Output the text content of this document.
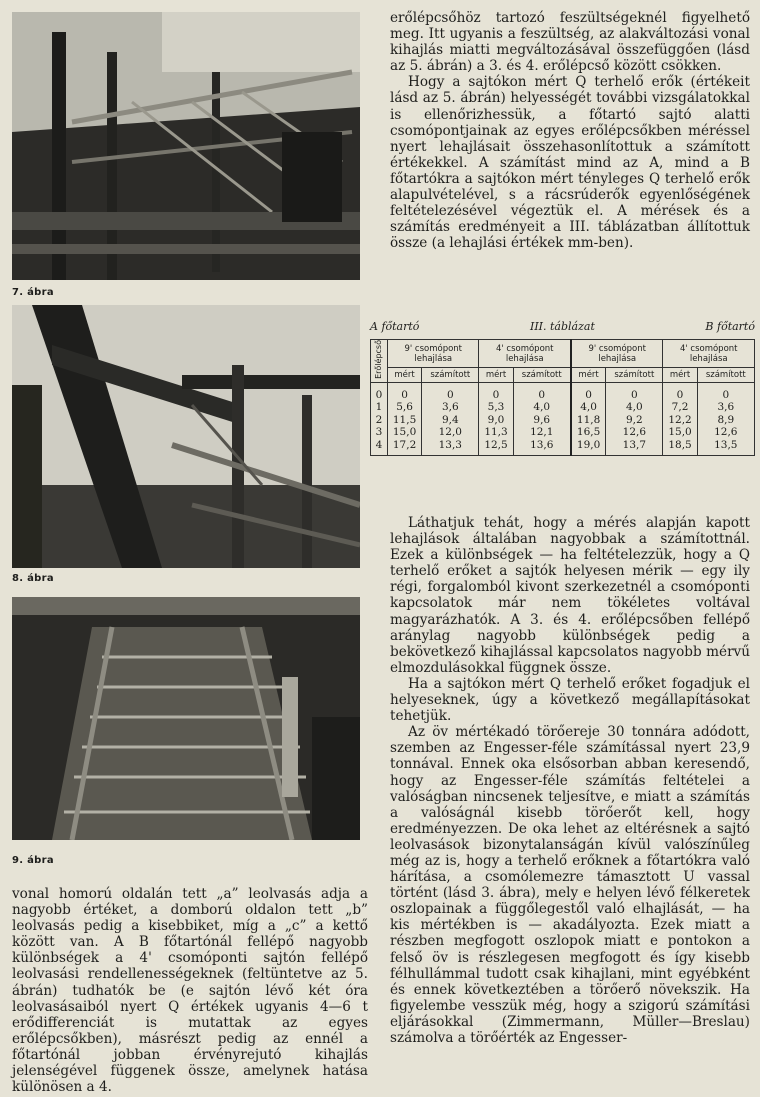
7. ábra
8. ábra
9. ábra

vonal homorú oldalán tett „a” leolvasás adja a nagyobb értéket, a domború oldalon tett „b” leolvasás pedig a kisebbiket, míg a „c” a kettő között van. A B főtartónál fellépő nagyobb különbségek a 4' csomóponti sajtón fellépő leolvasási rendellenességeknek (feltüntetve az 5. ábrán) tudhatók be (e sajtón lévő két óra leolvasásaiból nyert Q értékek ugyanis 4—6 t erődifferenciát is mutattak az egyes erőlépcsőkben), másrészt pedig az ennél a főtartónál jobban érvényrejutó kihajlás jelenségével függenek össze, amelynek hatása különösen a 4.

erőlépcsőhöz tartozó feszültségeknél figyelhető meg. Itt ugyanis a feszültség, az alakváltozási vonal kihajlás miatti megváltozásával összefüggően (lásd az 5. ábrán) a 3. és 4. erőlépcső között csökken.

Hogy a sajtókon mért Q terhelő erők (értékeit lásd az 5. ábrán) helyességét további vizsgálatokkal is ellenőrizhessük, a főtartó sajtó alatti csomópontjainak az egyes erőlépcsőkben méréssel nyert lehajlásait összehasonlítottuk a számított értékekkel. A számítást mind az A, mind a B főtartókra a sajtókon mért tényleges Q terhelő erők alapulvételével, s a rácsrúderők egyenlőségének feltételezésével végeztük el. A mérések és a számítás eredményeit a III. táblázatban állítottuk össze (a lehajlási értékek mm-ben).

A főtartó	III. táblázat	B főtartó
Erőlépcső	9' csomópont lehajlása		4' csomópont lehajlása		9' csomópont lehajlása		4' csomópont lehajlása	
	mért	számított	mért	számított	mért	számított	mért	számított
0	0	0	0	0	0	0	0	0
1	5,6	3,6	5,3	4,0	4,0	4,0	7,2	3,6
2	11,5	9,4	9,0	9,6	11,8	9,2	12,2	8,9
3	15,0	12,0	11,3	12,1	16,5	12,6	15,0	12,6
4	17,2	13,3	12,5	13,6	19,0	13,7	18,5	13,5

Láthatjuk tehát, hogy a mérés alapján kapott lehajlások általában nagyobbak a számítottnál. Ezek a különbségek — ha feltételezzük, hogy a Q terhelő erőket a sajtók helyesen mérik — egy ily régi, forgalomból kivont szerkezetnél a csomóponti kapcsolatok már nem tökéletes voltával magyarázhatók. A 3. és 4. erőlépcsőben fellépő aránylag nagyobb különbségek pedig a bekövetkező kihajlással kapcsolatos nagyobb mérvű elmozdulásokkal függnek össze.

Ha a sajtókon mért Q terhelő erőket fogadjuk el helyeseknek, úgy a következő megállapításokat tehetjük.

Az öv mértékadó törőereje 30 tonnára adódott, szemben az Engesser-féle számítással nyert 23,9 tonnával. Ennek oka elsősorban abban keresendő, hogy az Engesser-féle számítás feltételei a valóságban nincsenek teljesítve, e miatt a számítás a valóságnál kisebb törőerőt kell, hogy eredményezzen. De oka lehet az eltérésnek a sajtó leolvasások bizonytalanságán kívül valószínűleg még az is, hogy a terhelő erőknek a főtartókra való hárítása, a csomólemezre támasztott U vassal történt (lásd 3. ábra), mely e helyen lévő félkeretek oszlopainak a függőlegestől való elhajlását, — ha kis mértékben is — akadályozta. Ezek miatt a részben megfogott oszlopok miatt e pontokon a felső öv is részlegesen megfogott és így kisebb félhullámmal tudott csak kihajlani, mint egyébként és ennek következtében a törőerő növekszik. Ha figyelembe vesszük még, hogy a szigorú számítási eljárásokkal (Zimmermann, Müller—Breslau) számolva a törőérték az Engesser-
